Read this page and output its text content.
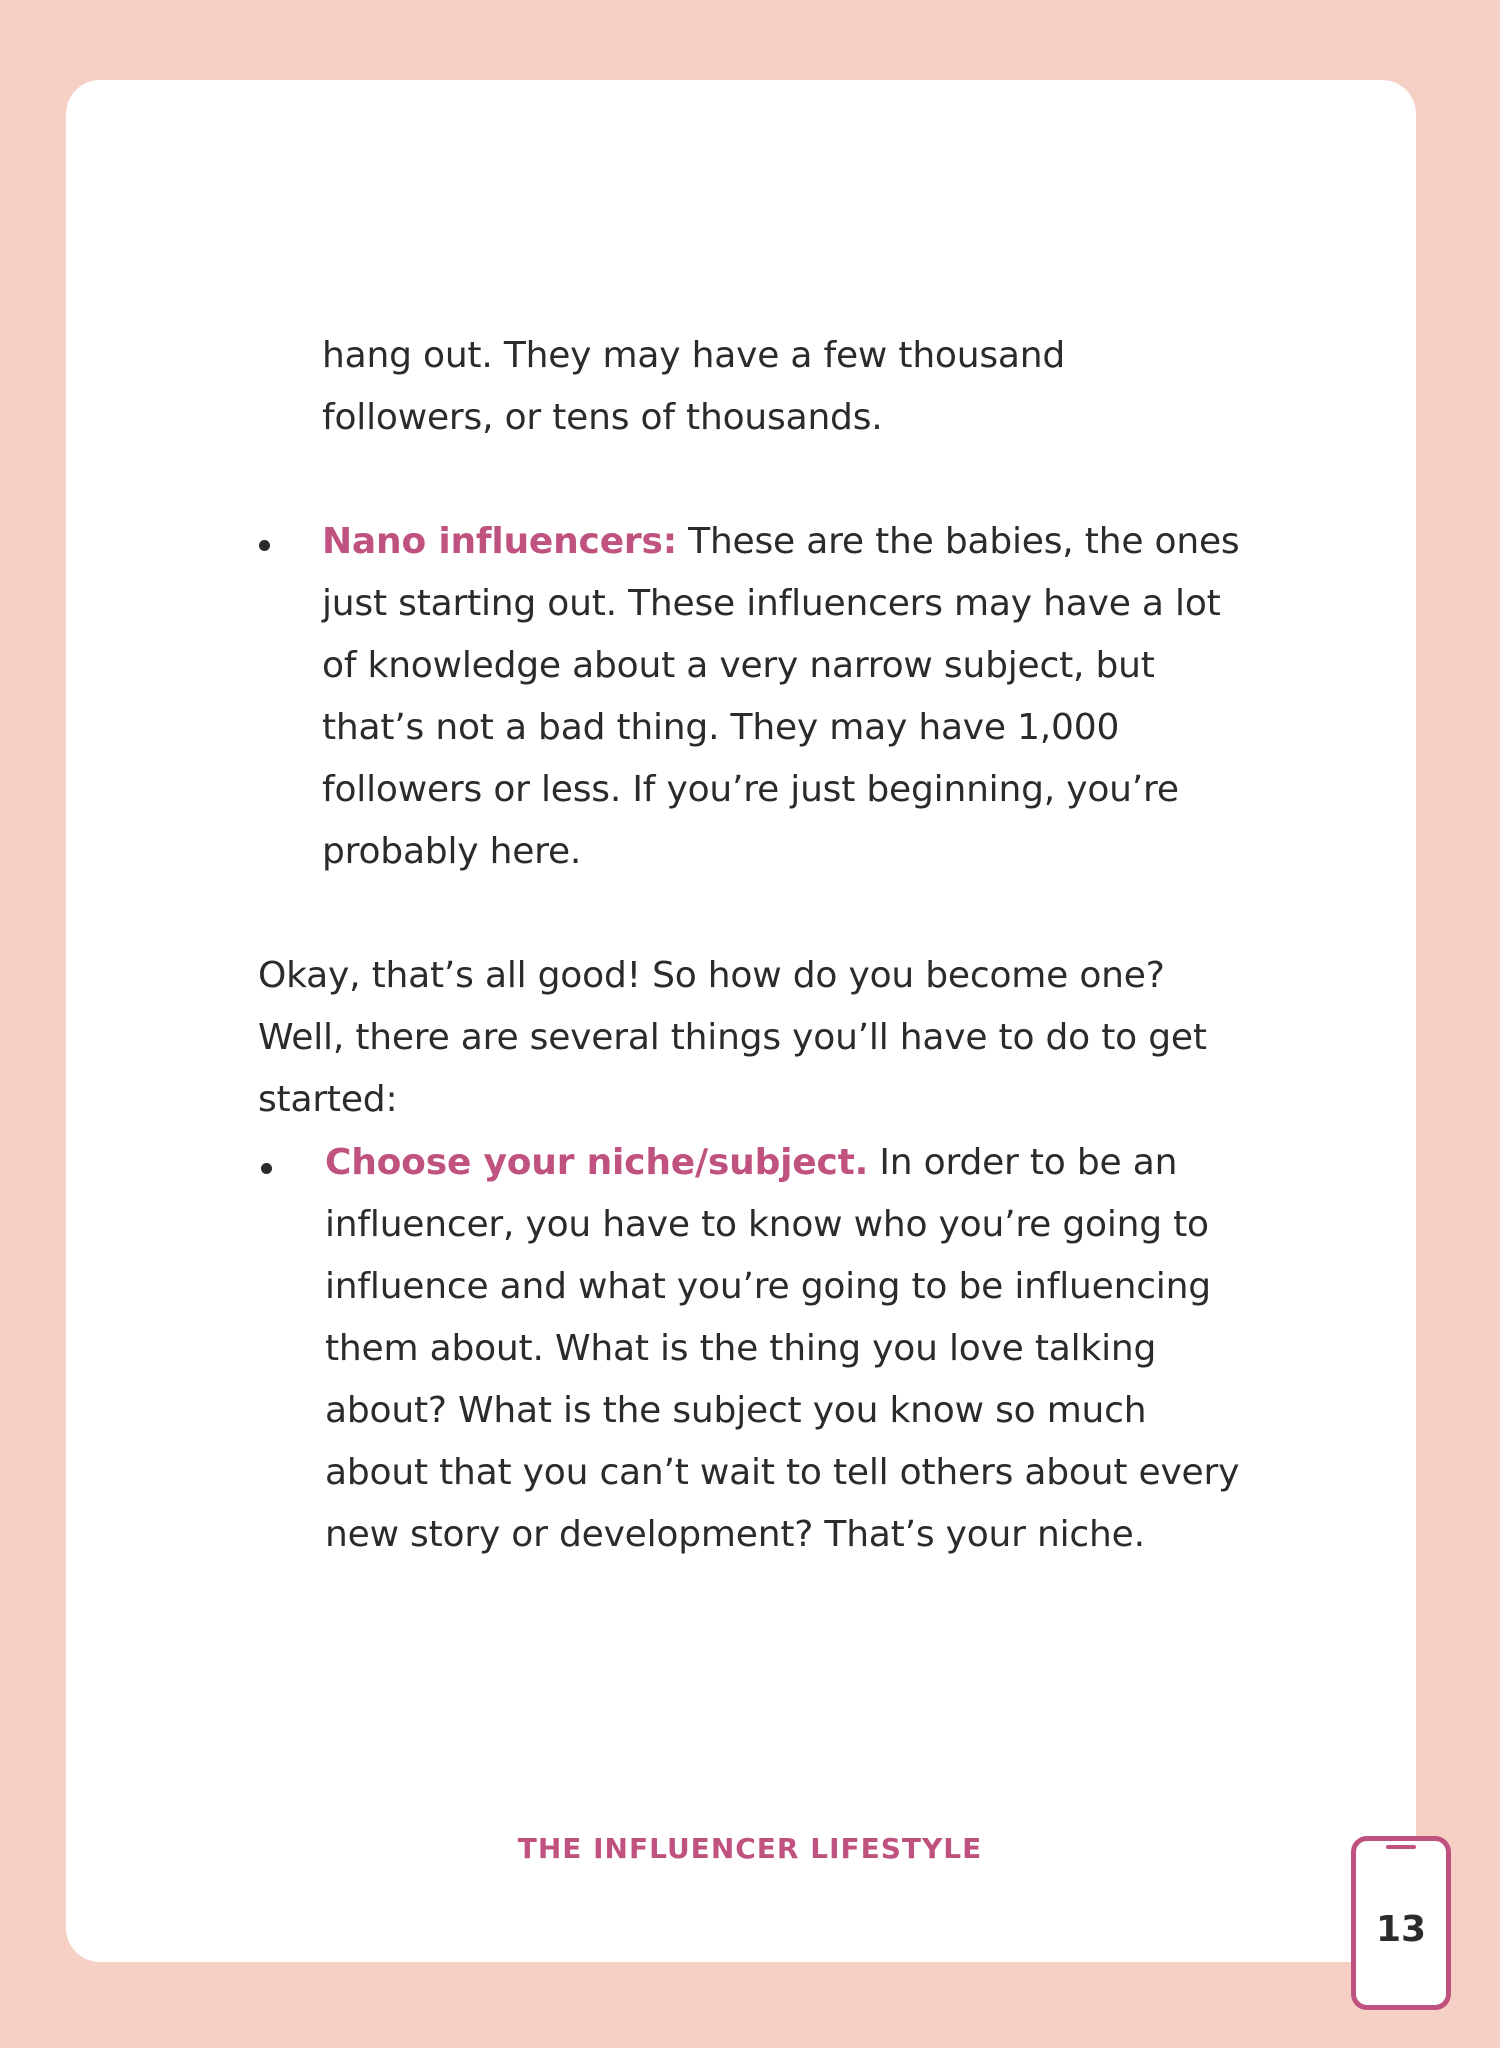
hang out. They may have a few thousand followers, or tens of thousands.

Nano influencers: These are the babies, the ones just starting out. These influencers may have a lot of knowledge about a very narrow subject, but that’s not a bad thing. They may have 1,000 followers or less. If you’re just beginning, you’re probably here.

Okay, that’s all good! So how do you become one? Well, there are several things you’ll have to do to get started:

Choose your niche/subject. In order to be an influencer, you have to know who you’re going to influence and what you’re going to be influencing them about. What is the thing you love talking about? What is the subject you know so much about that you can’t wait to tell others about every new story or development? That’s your niche.

THE INFLUENCER LIFESTYLE
13
